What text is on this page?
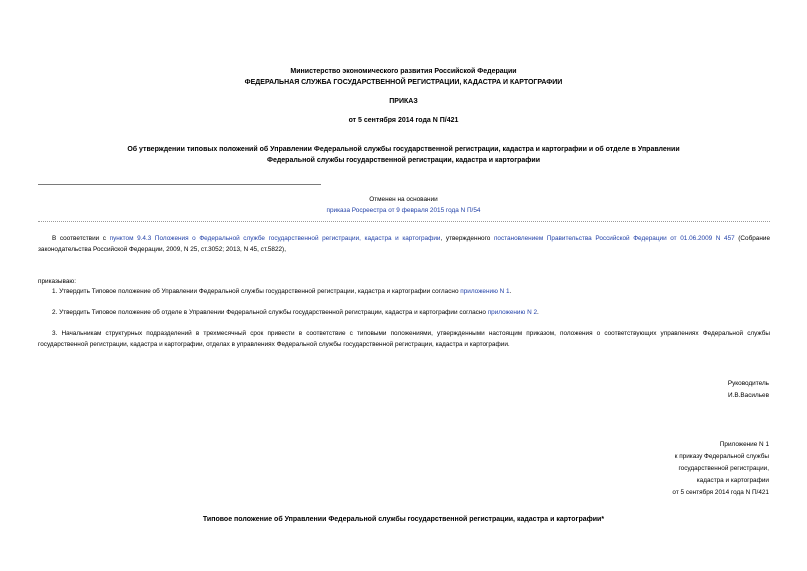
Министерство экономического развития Российской Федерации
ФЕДЕРАЛЬНАЯ СЛУЖБА ГОСУДАРСТВЕННОЙ РЕГИСТРАЦИИ, КАДАСТРА И КАРТОГРАФИИ
ПРИКАЗ
от 5 сентября 2014 года N П/421
Об утверждении типовых положений об Управлении Федеральной службы государственной регистрации, кадастра и картографии и об отделе в Управлении
Федеральной службы государственной регистрации, кадастра и картографии
Отменен на основании
приказа Росреестра от 9 февраля 2015 года N П/54
В соответствии с пунктом 9.4.3 Положения о Федеральной службе государственной регистрации, кадастра и картографии, утвержденного постановлением Правительства Российской Федерации от 01.06.2009 N 457 (Собрание законодательства Российской Федерации, 2009, N 25, ст.3052; 2013, N 45, ст.5822),
приказываю:
1. Утвердить Типовое положение об Управлении Федеральной службы государственной регистрации, кадастра и картографии согласно приложению N 1.
2. Утвердить Типовое положение об отделе в Управлении Федеральной службы государственной регистрации, кадастра и картографии согласно приложению N 2.
3. Начальникам структурных подразделений в трехмесячный срок привести в соответствие с типовыми положениями, утвержденными настоящим приказом, положения о соответствующих управлениях Федеральной службы государственной регистрации, кадастра и картографии, отделах в управлениях Федеральной службы государственной регистрации, кадастра и картографии.
Руководитель
И.В.Васильев
Приложение N 1
к приказу Федеральной службы
государственной регистрации,
кадастра и картографии
от 5 сентября 2014 года N П/421
Типовое положение об Управлении Федеральной службы государственной регистрации, кадастра и картографии*
